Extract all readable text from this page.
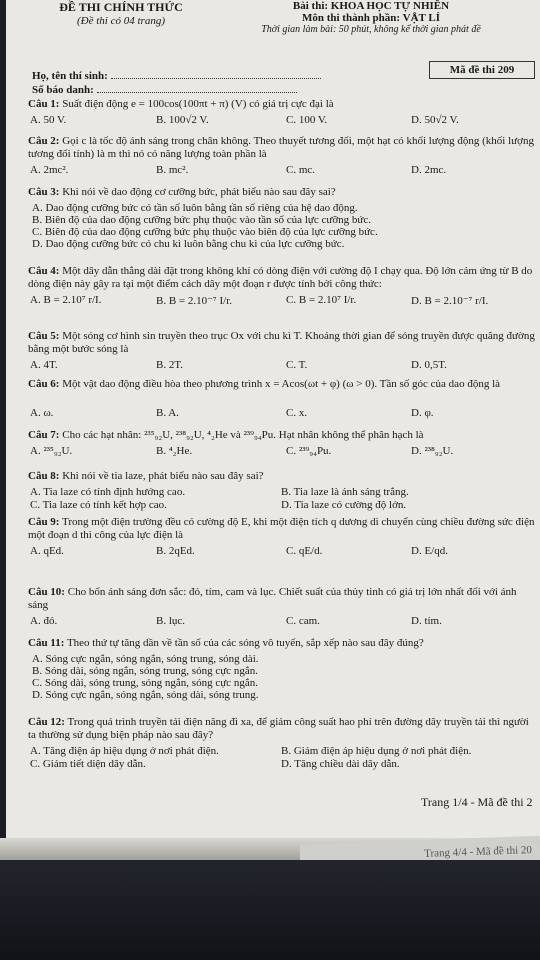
ĐỀ THI CHÍNH THỨC
(Đề thi có 04 trang)
Bài thi: KHOA HỌC TỰ NHIÊN
Môn thi thành phần: VẬT LÍ
Thời gian làm bài: 50 phút, không kể thời gian phát đề
Mã đề thi 209
Họ, tên thí sinh:
Số báo danh:
Câu 1: Suất điện động e = 100cos(100πt + π) (V) có giá trị cực đại là
A. 50 V.	B. 100√2 V.	C. 100 V.	D. 50√2 V.
Câu 2: Gọi c là tốc độ ánh sáng trong chân không. Theo thuyết tương đối, một hạt có khối lượng động (khối lượng tương đối tính) là m thì nó có năng lượng toàn phần là
A. 2mc².	B. mc².	C. mc.	D. 2mc.
Câu 3: Khi nói về dao động cơ cưỡng bức, phát biểu nào sau đây sai?
A. Dao động cưỡng bức có tần số luôn bằng tần số riêng của hệ dao động.
B. Biên độ của dao động cưỡng bức phụ thuộc vào tần số của lực cưỡng bức.
C. Biên độ của dao động cưỡng bức phụ thuộc vào biên độ của lực cưỡng bức.
D. Dao động cưỡng bức có chu kì luôn bằng chu kì của lực cưỡng bức.
Câu 4: Một dây dẫn thẳng dài đặt trong không khí có dòng điện với cường độ I chạy qua. Độ lớn cảm ứng từ B do dòng điện này gây ra tại một điểm cách dây một đoạn r được tính bởi công thức:
A. B = 2.10⁷ r/I.	B. B = 2.10⁻⁷ I/r.	C. B = 2.10⁷ I/r.	D. B = 2.10⁻⁷ r/I.
Câu 5: Một sóng cơ hình sin truyền theo trục Ox với chu kì T. Khoảng thời gian để sóng truyền được quãng đường bằng một bước sóng là
A. 4T.	B. 2T.	C. T.	D. 0,5T.
Câu 6: Một vật dao động điều hòa theo phương trình x = Acos(ωt + φ) (ω > 0). Tần số góc của dao động là
A. ω.	B. A.	C. x.	D. φ.
Câu 7: Cho các hạt nhân: ²³⁵₉₂U, ²³⁸₉₂U, ⁴₂He và ²³⁹₉₄Pu. Hạt nhân không thể phân hạch là
A. ²³⁵₉₂U.	B. ⁴₂He.	C. ²³⁹₉₄Pu.	D. ²³⁸₉₂U.
Câu 8: Khi nói về tia laze, phát biểu nào sau đây sai?
A. Tia laze có tính định hướng cao.	B. Tia laze là ánh sáng trắng.
C. Tia laze có tính kết hợp cao.	D. Tia laze có cường độ lớn.
Câu 9: Trong một điện trường đều có cường độ E, khi một điện tích q dương di chuyển cùng chiều đường sức điện một đoạn d thì công của lực điện là
A. qEd.	B. 2qEd.	C. qE/d.	D. E/qd.
Câu 10: Cho bốn ánh sáng đơn sắc: đỏ, tím, cam và lục. Chiết suất của thủy tinh có giá trị lớn nhất đối với ánh sáng
A. đỏ.	B. lục.	C. cam.	D. tím.
Câu 11: Theo thứ tự tăng dần về tần số của các sóng vô tuyến, sắp xếp nào sau đây đúng?
A. Sóng cực ngắn, sóng ngắn, sóng trung, sóng dài.
B. Sóng dài, sóng ngắn, sóng trung, sóng cực ngắn.
C. Sóng dài, sóng trung, sóng ngắn, sóng cực ngắn.
D. Sóng cực ngắn, sóng ngắn, sóng dài, sóng trung.
Câu 12: Trong quá trình truyền tải điện năng đi xa, để giảm công suất hao phí trên đường dây truyền tải thì người ta thường sử dụng biện pháp nào sau đây?
A. Tăng điện áp hiệu dụng ở nơi phát điện.	B. Giảm điện áp hiệu dụng ở nơi phát điện.
C. Giảm tiết diện dây dẫn.	D. Tăng chiều dài dây dẫn.
Trang 1/4 - Mã đề thi 2
Trang 4/4 - Mã đề thi 20
